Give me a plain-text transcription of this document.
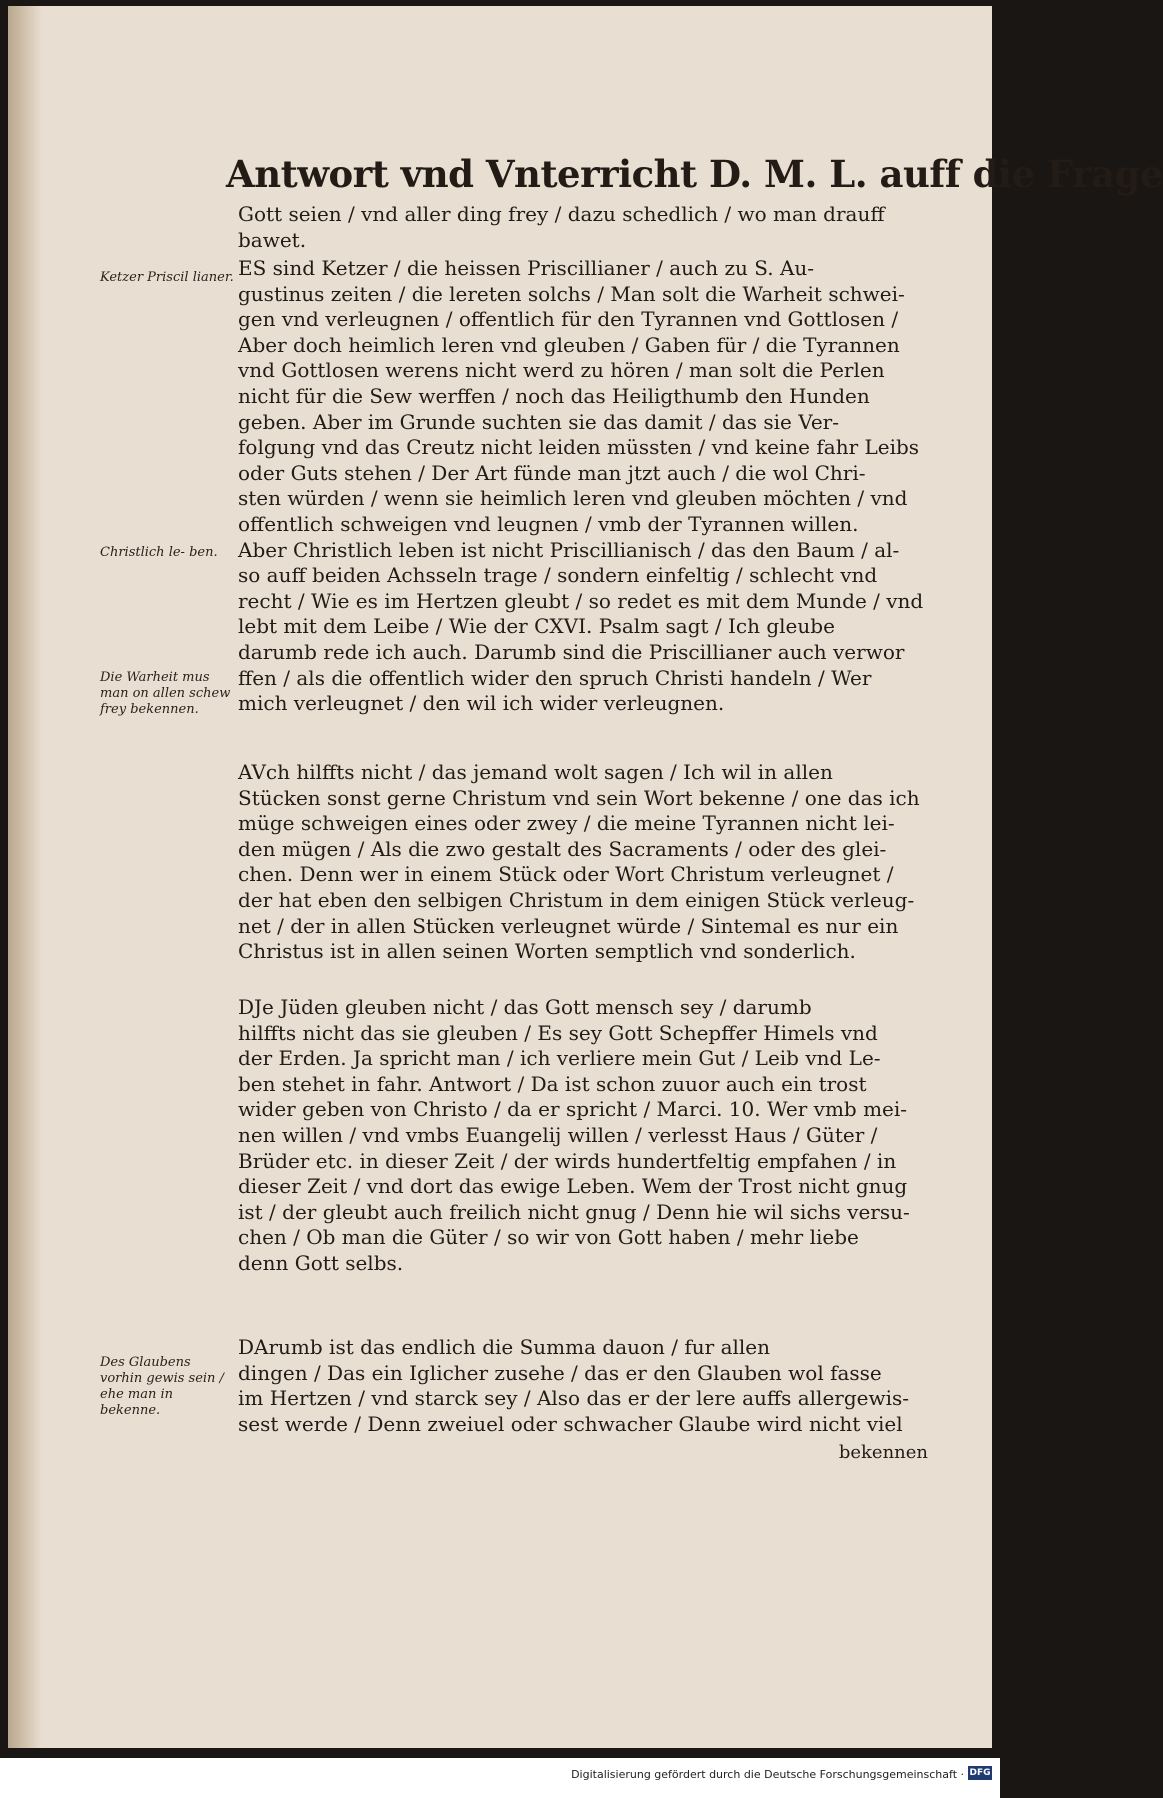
Antwort vnd Vnterricht D. M. L. auff die Frage
Ketzer Priscil lianer.
Christlich le- ben.
Die Warheit mus man on allen schew frey bekennen.
Des Glaubens vorhin gewis sein / ehe man in bekenne.
Gott seien / vnd aller ding frey / dazu schedlich / wo man drauff
bawet.
ES sind Ketzer / die heissen Priscillianer / auch zu S. Au-
gustinus zeiten / die lereten solchs / Man solt die Warheit schwei-
gen vnd verleugnen / offentlich für den Tyrannen vnd Gottlosen /
Aber doch heimlich leren vnd gleuben / Gaben für / die Tyrannen
vnd Gottlosen werens nicht werd zu hören / man solt die Perlen
nicht für die Sew werffen / noch das Heiligthumb den Hunden
geben. Aber im Grunde suchten sie das damit / das sie Ver-
folgung vnd das Creutz nicht leiden müssten / vnd keine fahr Leibs
oder Guts stehen / Der Art fünde man jtzt auch / die wol Chri-
sten würden / wenn sie heimlich leren vnd gleuben möchten / vnd
offentlich schweigen vnd leugnen / vmb der Tyrannen willen.
Aber Christlich leben ist nicht Priscillianisch / das den Baum / al-
so auff beiden Achsseln trage / sondern einfeltig / schlecht vnd
recht / Wie es im Hertzen gleubt / so redet es mit dem Munde / vnd
lebt mit dem Leibe / Wie der CXVI. Psalm sagt / Ich gleube
darumb rede ich auch. Darumb sind die Priscillianer auch verwor
ffen / als die offentlich wider den spruch Christi handeln / Wer
mich verleugnet / den wil ich wider verleugnen.
AVch hilffts nicht / das jemand wolt sagen / Ich wil in allen
Stücken sonst gerne Christum vnd sein Wort bekenne / one das ich
müge schweigen eines oder zwey / die meine Tyrannen nicht lei-
den mügen / Als die zwo gestalt des Sacraments / oder des glei-
chen. Denn wer in einem Stück oder Wort Christum verleugnet /
der hat eben den selbigen Christum in dem einigen Stück verleug-
net / der in allen Stücken verleugnet würde / Sintemal es nur ein
Christus ist in allen seinen Worten semptlich vnd sonderlich.
DJe Jüden gleuben nicht / das Gott mensch sey / darumb
hilffts nicht das sie gleuben / Es sey Gott Schepffer Himels vnd
der Erden. Ja spricht man / ich verliere mein Gut / Leib vnd Le-
ben stehet in fahr. Antwort / Da ist schon zuuor auch ein trost
wider geben von Christo / da er spricht / Marci. 10. Wer vmb mei-
nen willen / vnd vmbs Euangelij willen / verlesst Haus / Güter /
Brüder etc. in dieser Zeit / der wirds hundertfeltig empfahen / in
dieser Zeit / vnd dort das ewige Leben. Wem der Trost nicht gnug
ist / der gleubt auch freilich nicht gnug / Denn hie wil sichs versu-
chen / Ob man die Güter / so wir von Gott haben / mehr liebe
denn Gott selbs.
DArumb ist das endlich die Summa dauon / fur allen
dingen / Das ein Iglicher zusehe / das er den Glauben wol fasse
im Hertzen / vnd starck sey / Also das er der lere auffs allergewis-
sest werde / Denn zweiuel oder schwacher Glaube wird nicht viel
bekennen
Digitalisierung gefördert durch die Deutsche Forschungsgemeinschaft · DFG
